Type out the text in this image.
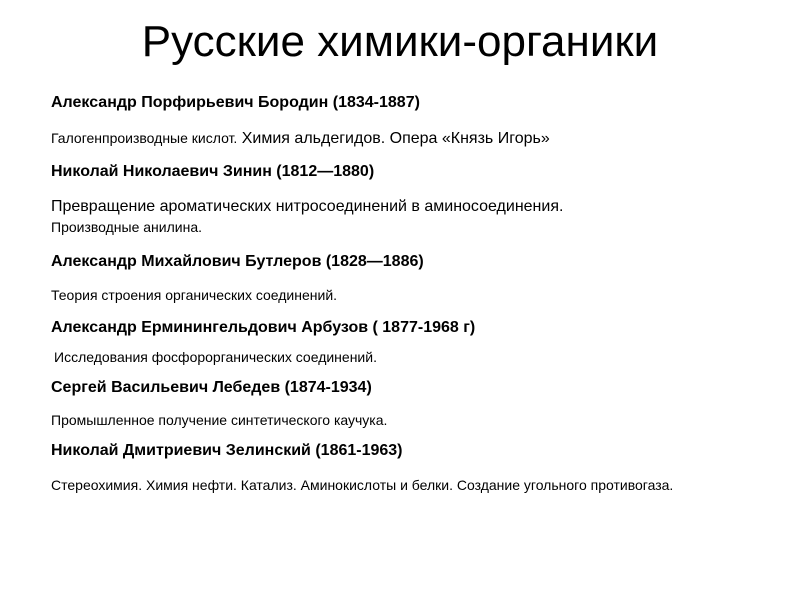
Русские химики-органики

Александр Порфирьевич Бородин (1834-1887)

Галогенпроизводные кислот. Химия альдегидов. Опера «Князь Игорь»

Николай Николаевич Зинин (1812—1880)

Превращение ароматических нитросоединений в аминосоединения.
Производные анилина.

Александр Михайлович Бутлеров (1828—1886)

Теория строения органических соединений.

Александр Ерминингельдович Арбузов ( 1877-1968 г)

Исследования фосфорорганических соединений.

Сергей Васильевич Лебедев (1874-1934)

Промышленное получение синтетического каучука.

Николай Дмитриевич Зелинский (1861-1963)

Стереохимия. Химия нефти. Катализ. Аминокислоты и белки. Создание угольного противогаза.
